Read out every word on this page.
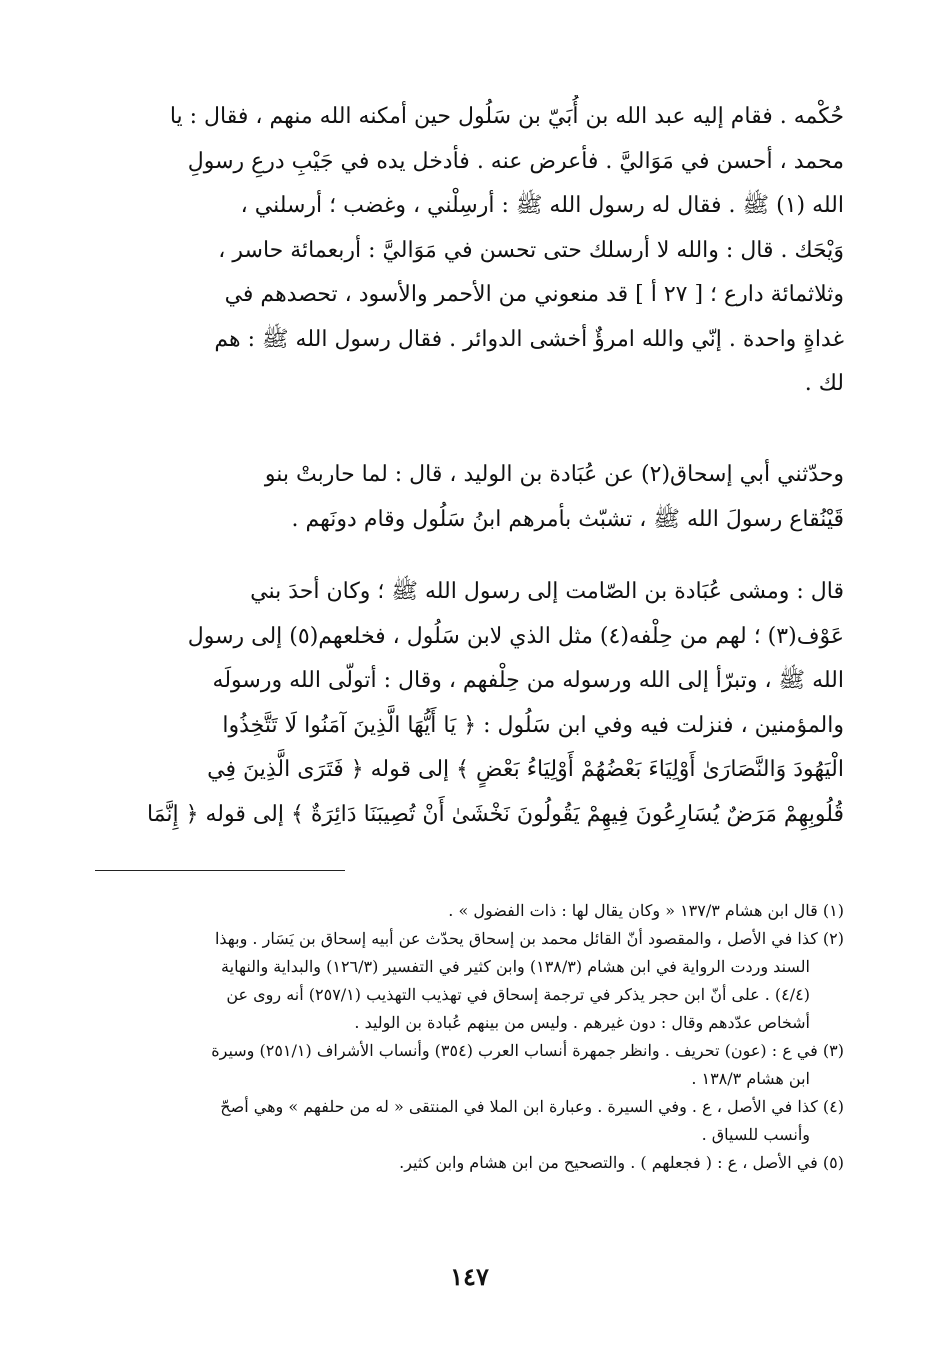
حُكْمه . فقام إليه عبد الله بن أُبَيّ بن سَلُول حين أمكنه الله منهم ، فقال : يا
محمد ، أحسن في مَوَاليَّ . فأعرض عنه . فأدخل يده في جَيْبِ درعِ رسولِ
الله (١) ﷺ . فقال له رسول الله ﷺ : أرسِلْني ، وغضب ؛ أرسلني ،
وَيْحَك . قال : والله لا أرسلك حتى تحسن في مَوَاليَّ : أربعمائة حاسر ،
وثلاثمائة دارع ؛ [ ٢٧ أ ] قد منعوني من الأحمر والأسود ، تحصدهم في
غداةٍ واحدة . إنّي والله امرؤٌ أخشى الدوائر . فقال رسول الله ﷺ : هم
لك .
وحدّثني أبي إسحاق(٢) عن عُبَادة بن الوليد ، قال : لما حاربتْ بنو
قَيْنُقاع رسولَ الله ﷺ ، تشبّث بأمرهم ابنُ سَلُول وقام دونَهم .
قال : ومشى عُبَادة بن الصّامت إلى رسول الله ﷺ ؛ وكان أحدَ بني
عَوْف(٣) ؛ لهم من حِلْفه(٤) مثل الذي لابن سَلُول ، فخلعهم(٥) إلى رسول
الله ﷺ ، وتبرّأ إلى الله ورسوله من حِلْفهم ، وقال : أتولّى الله ورسولَه
والمؤمنين ، فنزلت فيه وفي ابن سَلُول : ﴿ يَا أَيُّهَا الَّذِينَ آمَنُوا لَا تَتَّخِذُوا
الْيَهُودَ وَالنَّصَارَىٰ أَوْلِيَاءَ بَعْضُهُمْ أَوْلِيَاءُ بَعْضٍ ﴾ إلى قوله ﴿ فَتَرَى الَّذِينَ فِي
قُلُوبِهِمْ مَرَضٌ يُسَارِعُونَ فِيهِمْ يَقُولُونَ نَخْشَىٰ أَنْ تُصِيبَنَا دَائِرَةٌ ﴾ إلى قوله ﴿ إِنَّمَا
(١) قال ابن هشام ١٣٧/٣ « وكان يقال لها : ذات الفضول » .
(٢) كذا في الأصل ، والمقصود أنّ القائل محمد بن إسحاق يحدّث عن أبيه إسحاق بن يَسَار . وبهذا
السند وردت الرواية في ابن هشام (١٣٨/٣) وابن كثير في التفسير (١٢٦/٣) والبداية والنهاية
(٤/٤) . على أنّ ابن حجر يذكر في ترجمة إسحاق في تهذيب التهذيب (٢٥٧/١) أنه روى عن
أشخاص عدّدهم وقال : دون غيرهم . وليس من بينهم عُبادة بن الوليد .
(٣) في ع : (عون) تحريف . وانظر جمهرة أنساب العرب (٣٥٤) وأنساب الأشراف (٢٥١/١) وسيرة
ابن هشام ١٣٨/٣ .
(٤) كذا في الأصل ، ع . وفي السيرة . وعبارة ابن الملا في المنتقى « له من حلفهم » وهي أصحّ
وأنسب للسياق .
(٥) في الأصل ، ع : ( فجعلهم ) . والتصحيح من ابن هشام وابن كثير.
١٤٧
